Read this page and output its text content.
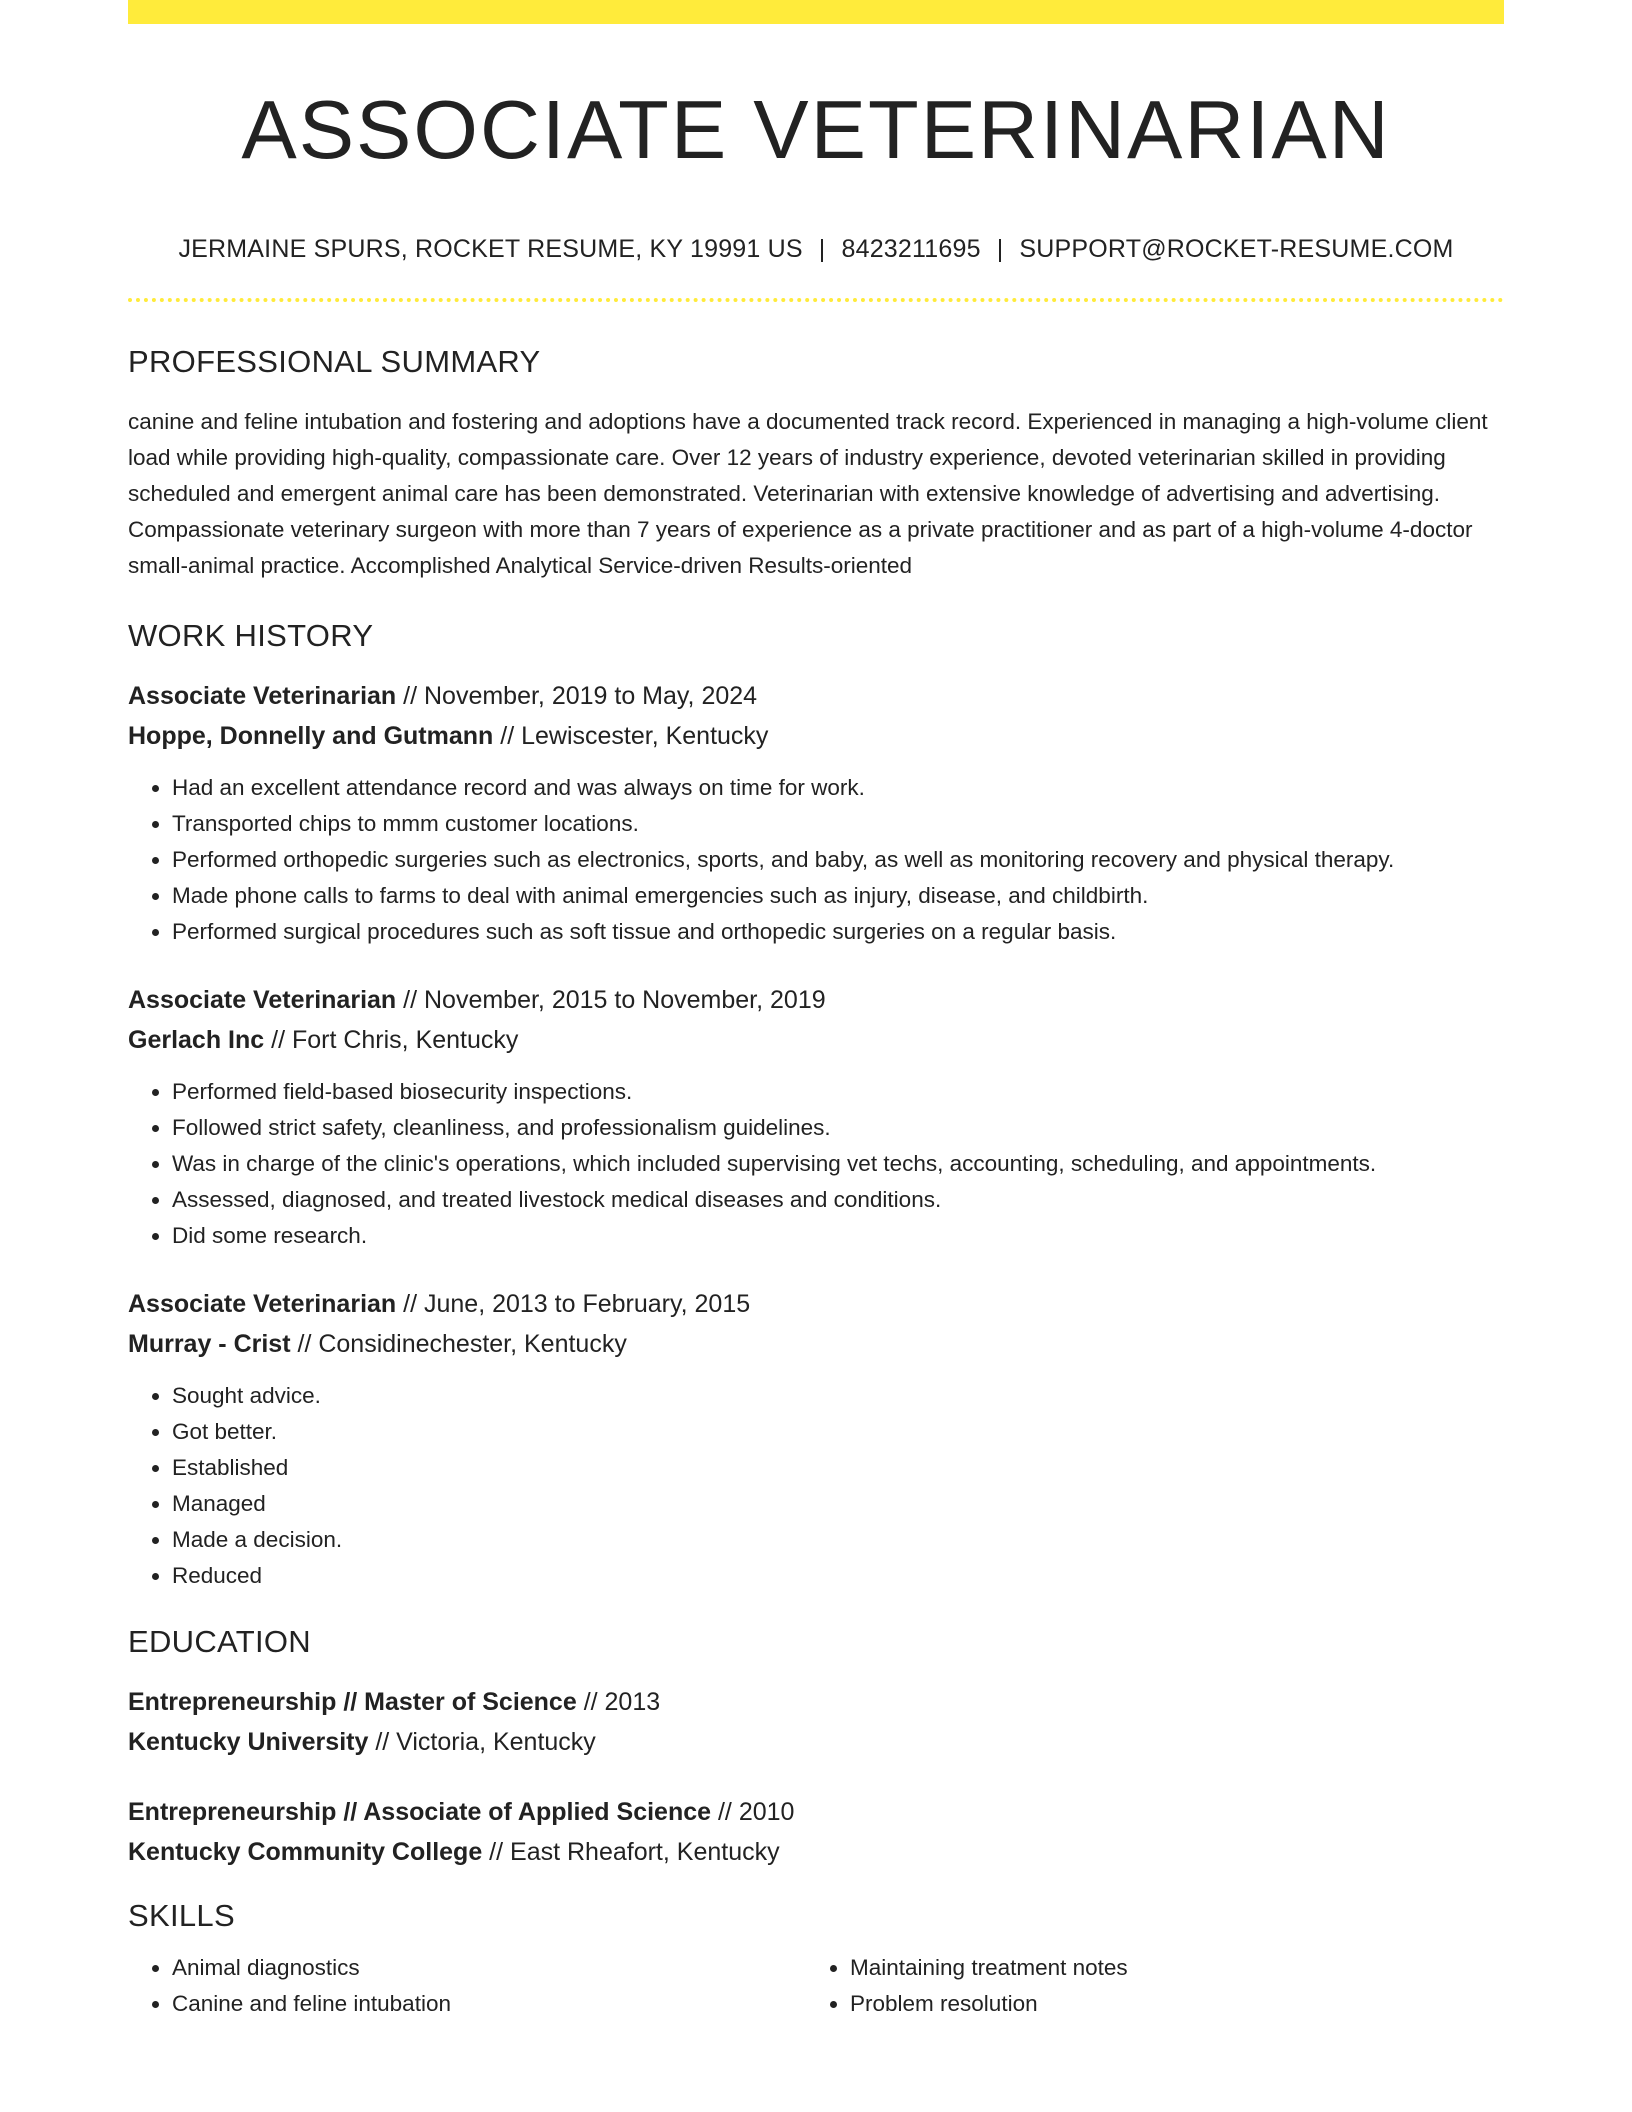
ASSOCIATE VETERINARIAN
JERMAINE SPURS, ROCKET RESUME, KY 19991 US | 8423211695 | SUPPORT@ROCKET-RESUME.COM
PROFESSIONAL SUMMARY
canine and feline intubation and fostering and adoptions have a documented track record. Experienced in managing a high-volume client load while providing high-quality, compassionate care. Over 12 years of industry experience, devoted veterinarian skilled in providing scheduled and emergent animal care has been demonstrated. Veterinarian with extensive knowledge of advertising and advertising. Compassionate veterinary surgeon with more than 7 years of experience as a private practitioner and as part of a high-volume 4-doctor small-animal practice. Accomplished Analytical Service-driven Results-oriented
WORK HISTORY
Associate Veterinarian // November, 2019 to May, 2024
Hoppe, Donnelly and Gutmann // Lewiscester, Kentucky
• Had an excellent attendance record and was always on time for work.
• Transported chips to mmm customer locations.
• Performed orthopedic surgeries such as electronics, sports, and baby, as well as monitoring recovery and physical therapy.
• Made phone calls to farms to deal with animal emergencies such as injury, disease, and childbirth.
• Performed surgical procedures such as soft tissue and orthopedic surgeries on a regular basis.
Associate Veterinarian // November, 2015 to November, 2019
Gerlach Inc // Fort Chris, Kentucky
• Performed field-based biosecurity inspections.
• Followed strict safety, cleanliness, and professionalism guidelines.
• Was in charge of the clinic's operations, which included supervising vet techs, accounting, scheduling, and appointments.
• Assessed, diagnosed, and treated livestock medical diseases and conditions.
• Did some research.
Associate Veterinarian // June, 2013 to February, 2015
Murray - Crist // Considinechester, Kentucky
• Sought advice.
• Got better.
• Established
• Managed
• Made a decision.
• Reduced
EDUCATION
Entrepreneurship // Master of Science // 2013
Kentucky University // Victoria, Kentucky
Entrepreneurship // Associate of Applied Science // 2010
Kentucky Community College // East Rheafort, Kentucky
SKILLS
• Animal diagnostics
• Canine and feline intubation
• Maintaining treatment notes
• Problem resolution
